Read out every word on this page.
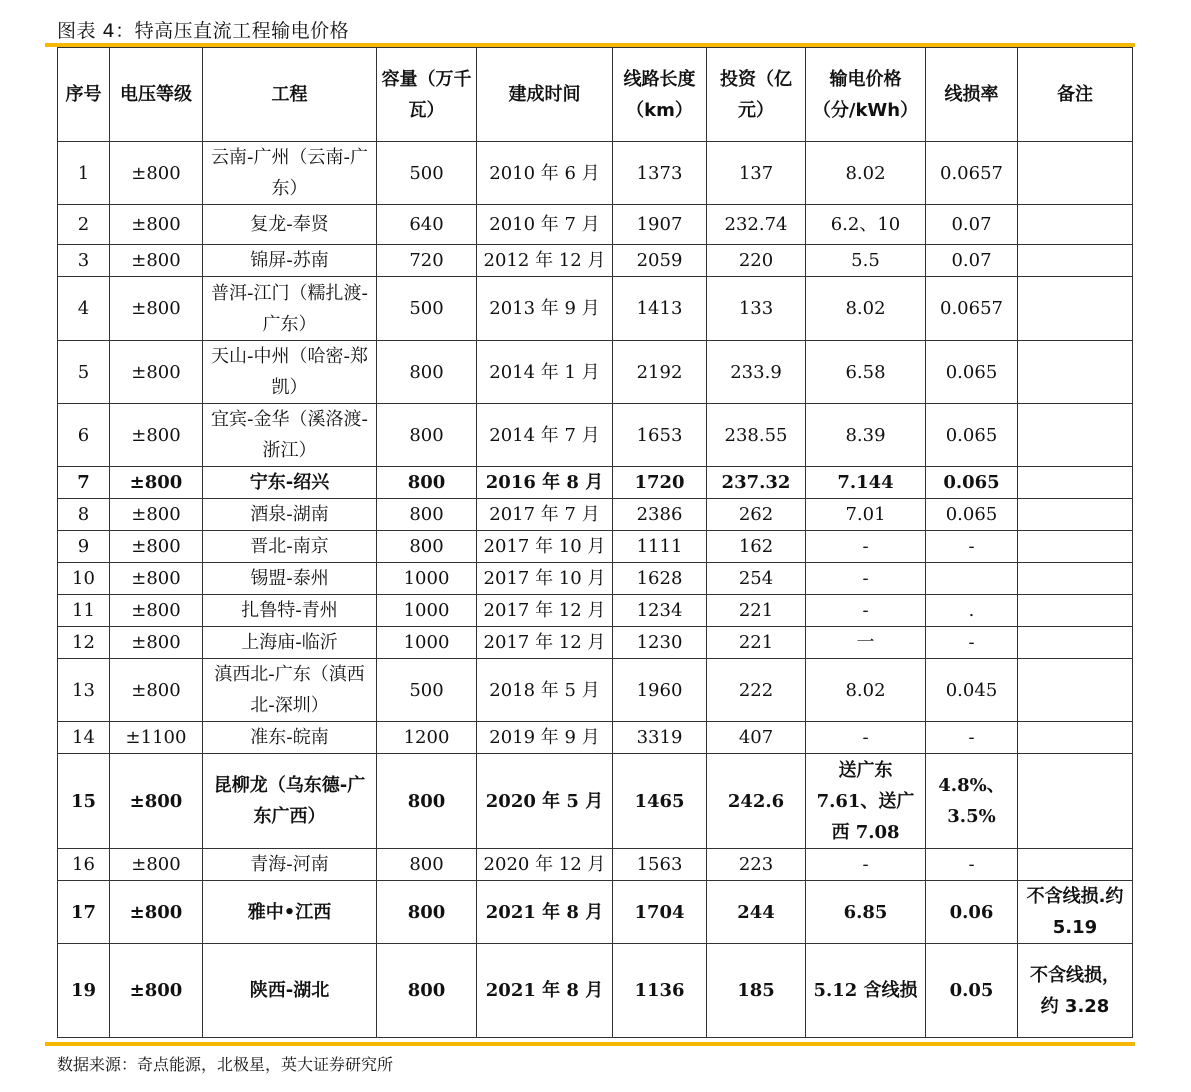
图表 4：特高压直流工程输电价格
序号	电压等级	工程	容量（万千瓦）	建成时间	线路长度（km）	投资（亿元）	输电价格（分/kWh）	线损率	备注
1	±800	云南-广州（云南-广东）	500	2010 年 6 月	1373	137	8.02	0.0657	
2	±800	复龙-奉贤	640	2010 年 7 月	1907	232.74	6.2、10	0.07	
3	±800	锦屏-苏南	720	2012 年 12 月	2059	220	5.5	0.07	
4	±800	普洱-江门（糯扎渡-广东）	500	2013 年 9 月	1413	133	8.02	0.0657	
5	±800	天山-中州（哈密-郑凯）	800	2014 年 1 月	2192	233.9	6.58	0.065	
6	±800	宜宾-金华（溪洛渡-浙江）	800	2014 年 7 月	1653	238.55	8.39	0.065	
7	±800	宁东-绍兴	800	2016 年 8 月	1720	237.32	7.144	0.065	
8	±800	酒泉-湖南	800	2017 年 7 月	2386	262	7.01	0.065	
9	±800	晋北-南京	800	2017 年 10 月	1111	162	-	-	
10	±800	锡盟-泰州	1000	2017 年 10 月	1628	254	-		
11	±800	扎鲁特-青州	1000	2017 年 12 月	1234	221	-	.	
12	±800	上海庙-临沂	1000	2017 年 12 月	1230	221	一	-	
13	±800	滇西北-广东（滇西北-深圳）	500	2018 年 5 月	1960	222	8.02	0.045	
14	±1100	准东-皖南	1200	2019 年 9 月	3319	407	-	-	
15	±800	昆柳龙（乌东德-广东广西）	800	2020 年 5 月	1465	242.6	送广东 7.61、送广西 7.08	4.8%、3.5%	
16	±800	青海-河南	800	2020 年 12 月	1563	223	-	-	
17	±800	雅中•江西	800	2021 年 8 月	1704	244	6.85	0.06	不含线损.约 5.19
19	±800	陕西-湖北	800	2021 年 8 月	1136	185	5.12 含线损	0.05	不含线损，约 3.28
数据来源：奇点能源，北极星，英大证券研究所
